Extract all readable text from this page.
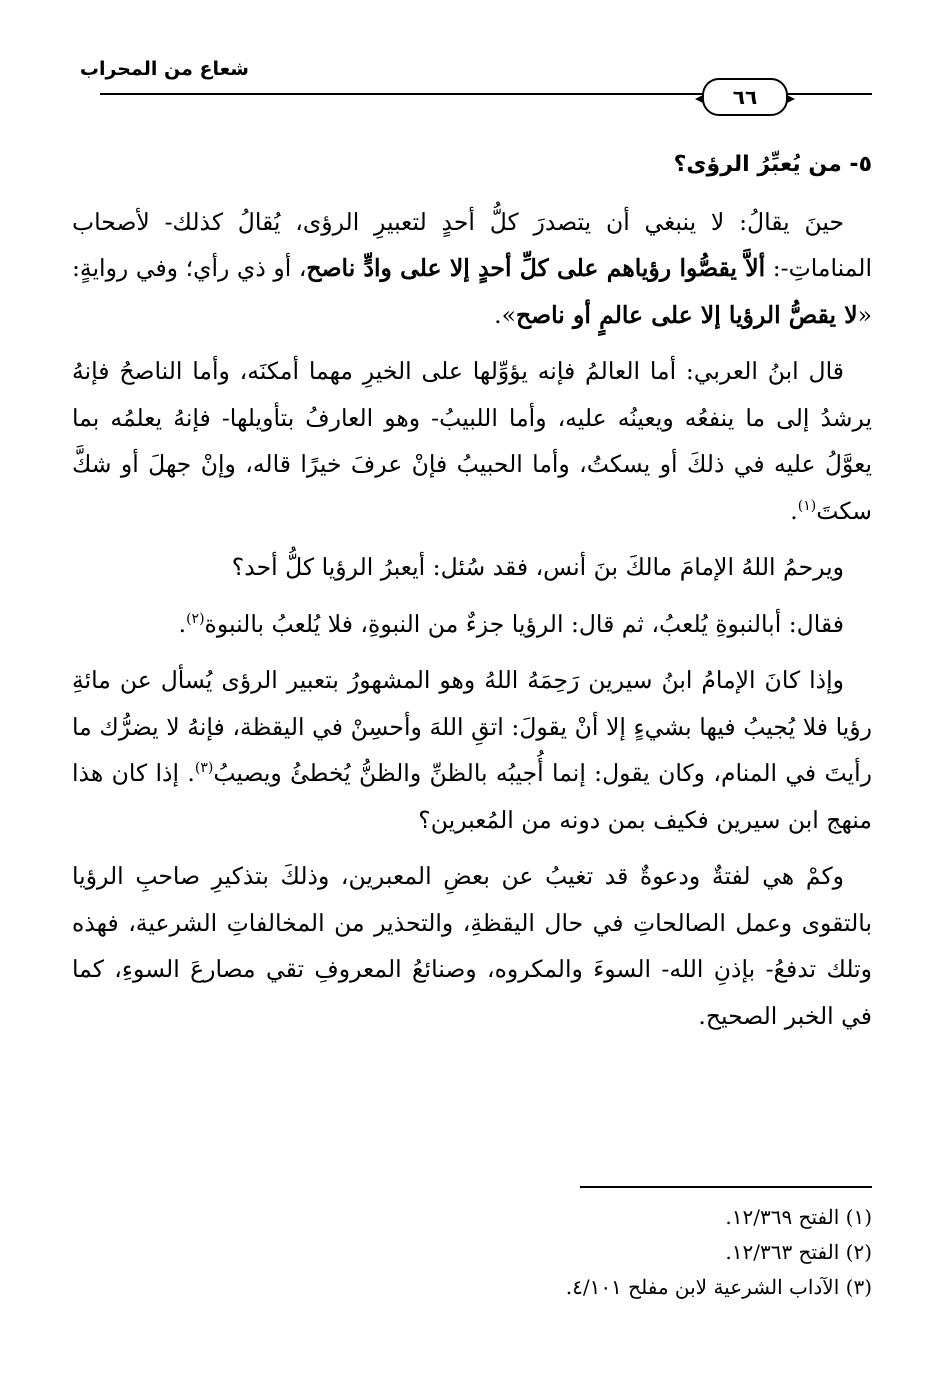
شعاع من المحراب
٦٦

٥- من يُعبِّرُ الرؤى؟

حينَ يقالُ: لا ينبغي أن يتصدرَ كلُّ أحدٍ لتعبيرِ الرؤى، يُقالُ كذلك- لأصحاب المناماتِ-: ألاَّ يقصُّوا رؤياهم على كلِّ أحدٍ إلا على وادٍّ ناصح، أو ذي رأي؛ وفي روايةٍ: «لا يقصُّ الرؤيا إلا على عالمٍ أو ناصح».

قال ابنُ العربي: أما العالمُ فإنه يؤوِّلها على الخيرِ مهما أمكنَه، وأما الناصحُ فإنهُ يرشدُ إلى ما ينفعُه ويعينُه عليه، وأما اللبيبُ- وهو العارفُ بتأويلها- فإنهُ يعلمُه بما يعوَّلُ عليه في ذلكَ أو يسكتُ، وأما الحبيبُ فإنْ عرفَ خيرًا قاله، وإنْ جهلَ أو شكَّ سكتَ$^{(١)}$.

ويرحمُ اللهُ الإمامَ مالكَ بنَ أنس، فقد سُئل: أيعبرُ الرؤيا كلُّ أحد؟

فقال: أبالنبوةِ يُلعبُ، ثم قال: الرؤيا جزءٌ من النبوةِ، فلا يُلعبُ بالنبوة$^{(٢)}$.

وإذا كانَ الإمامُ ابنُ سيرين رَحِمَهُ اللهُ وهو المشهورُ بتعبير الرؤى يُسأل عن مائةِ رؤيا فلا يُجيبُ فيها بشيءٍ إلا أنْ يقولَ: اتقِ اللهَ وأحسِنْ في اليقظة، فإنهُ لا يضرُّك ما رأيتَ في المنام، وكان يقول: إنما أُجيبُه بالظنِّ والظنُّ يُخطئُ ويصيبُ$^{(٣)}$. إذا كان هذا منهج ابن سيرين فكيف بمن دونه من المُعبرين؟

وكمْ هي لفتةٌ ودعوةٌ قد تغيبُ عن بعضِ المعبرين، وذلكَ بتذكيرِ صاحبِ الرؤيا بالتقوى وعمل الصالحاتِ في حال اليقظةِ، والتحذير من المخالفاتِ الشرعية، فهذه وتلك تدفعُ- بإذنِ الله- السوءَ والمكروه، وصنائعُ المعروفِ تقي مصارعَ السوءِ، كما في الخبر الصحيح.

(١) الفتح ١٢/٣٦٩.
(٢) الفتح ١٢/٣٦٣.
(٣) الآداب الشرعية لابن مفلح ٤/١٠١.
